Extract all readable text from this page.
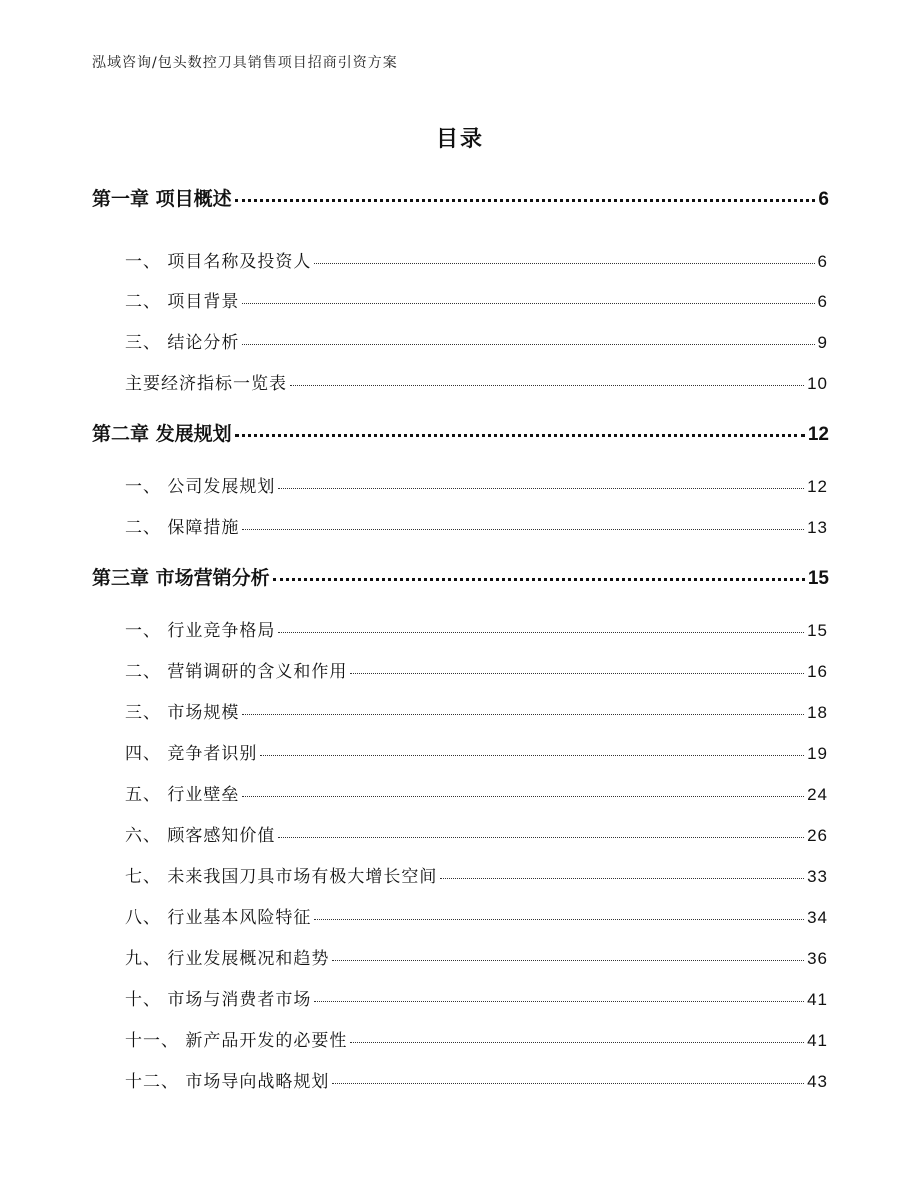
泓域咨询/包头数控刀具销售项目招商引资方案
目录
第一章 项目概述	6
一、 项目名称及投资人	6
二、 项目背景	6
三、 结论分析	9
主要经济指标一览表	10
第二章 发展规划	12
一、 公司发展规划	12
二、 保障措施	13
第三章 市场营销分析	15
一、 行业竞争格局	15
二、 营销调研的含义和作用	16
三、 市场规模	18
四、 竞争者识别	19
五、 行业壁垒	24
六、 顾客感知价值	26
七、 未来我国刀具市场有极大增长空间	33
八、 行业基本风险特征	34
九、 行业发展概况和趋势	36
十、 市场与消费者市场	41
十一、 新产品开发的必要性	41
十二、 市场导向战略规划	43
